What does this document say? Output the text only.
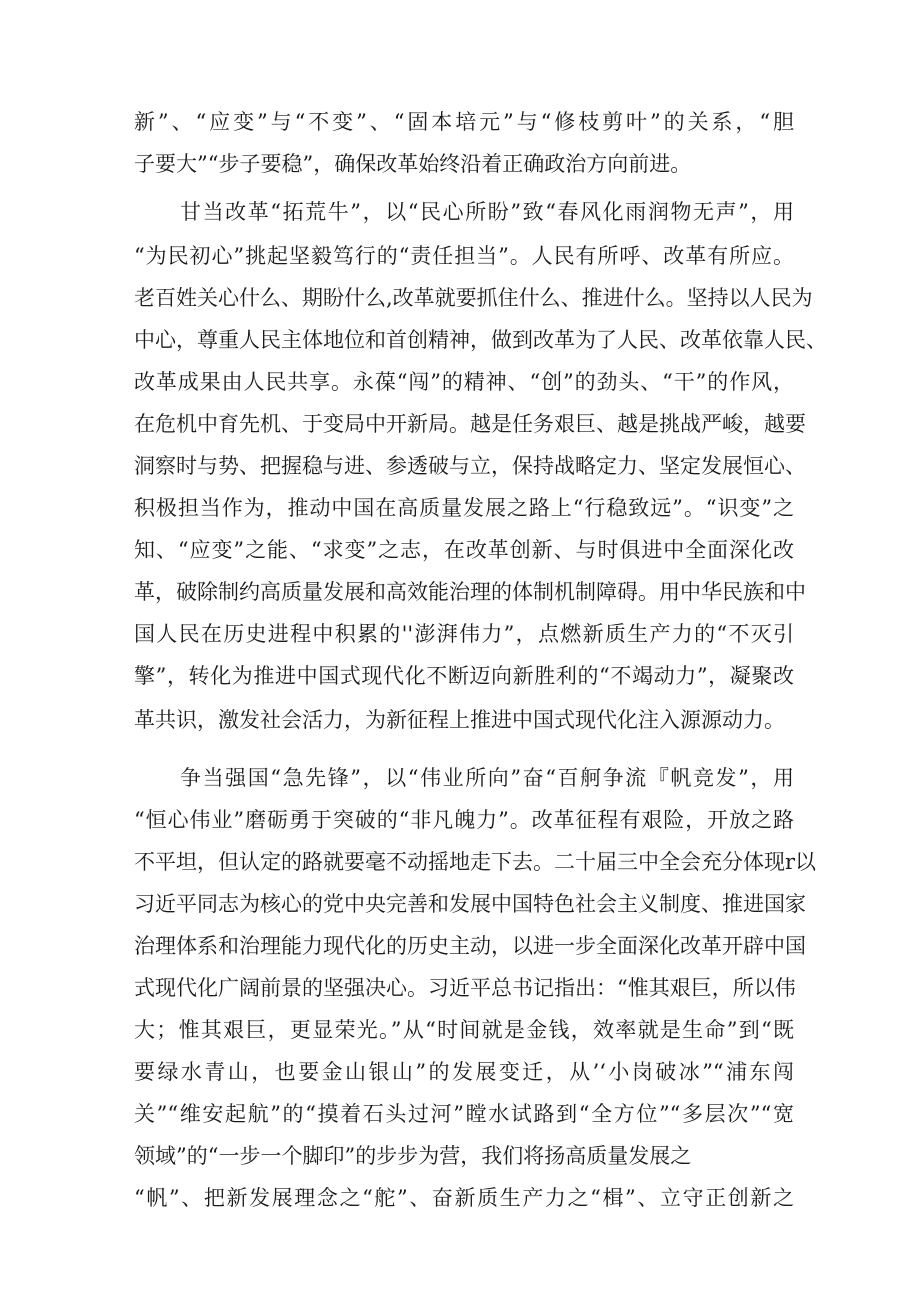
新”、“应变”与“不变”、“固本培元”与“修枝剪叶”的关系，“胆
子要大”“步子要稳”，确保改革始终沿着正确政治方向前进。
甘当改革“拓荒牛”，以“民心所盼”致“春风化雨润物无声”，用
“为民初心”挑起坚毅笃行的“责任担当”。人民有所呼、改革有所应。
老百姓关心什么、期盼什么,改革就要抓住什么、推进什么。坚持以人民为
中心，尊重人民主体地位和首创精神，做到改革为了人民、改革依靠人民、
改革成果由人民共享。永葆“闯”的精神、“创”的劲头、“干”的作风，
在危机中育先机、于变局中开新局。越是任务艰巨、越是挑战严峻，越要
洞察时与势、把握稳与进、参透破与立，保持战略定力、坚定发展恒心、
积极担当作为，推动中国在高质量发展之路上“行稳致远”。“识变”之
知、“应变”之能、“求变”之志，在改革创新、与时俱进中全面深化改
革，破除制约高质量发展和高效能治理的体制机制障碍。用中华民族和中
国人民在历史进程中积累的''澎湃伟力”，点燃新质生产力的“不灭引
擎”，转化为推进中国式现代化不断迈向新胜利的“不竭动力”，凝聚改
革共识，激发社会活力，为新征程上推进中国式现代化注入源源动力。
争当强国“急先锋”，以“伟业所向”奋“百舸争流『帆竞发”，用
“恒心伟业”磨砺勇于突破的“非凡魄力”。改革征程有艰险，开放之路
不平坦，但认定的路就要毫不动摇地走下去。二十届三中全会充分体现r以
习近平同志为核心的党中央完善和发展中国特色社会主义制度、推进国家
治理体系和治理能力现代化的历史主动，以进一步全面深化改革开辟中国
式现代化广阔前景的坚强决心。习近平总书记指出：“惟其艰巨，所以伟
大；惟其艰巨，更显荣光。”从“时间就是金钱，效率就是生命”到“既
要绿水青山，也要金山银山”的发展变迁，从’‘小岗破冰”“浦东闯
关”“维安起航”的“摸着石头过河”瞠水试路到“全方位”“多层次”“宽
领域”的“一步一个脚印”的步步为营，我们将扬高质量发展之
“帆”、把新发展理念之“舵”、奋新质生产力之“楫”、立守正创新之
